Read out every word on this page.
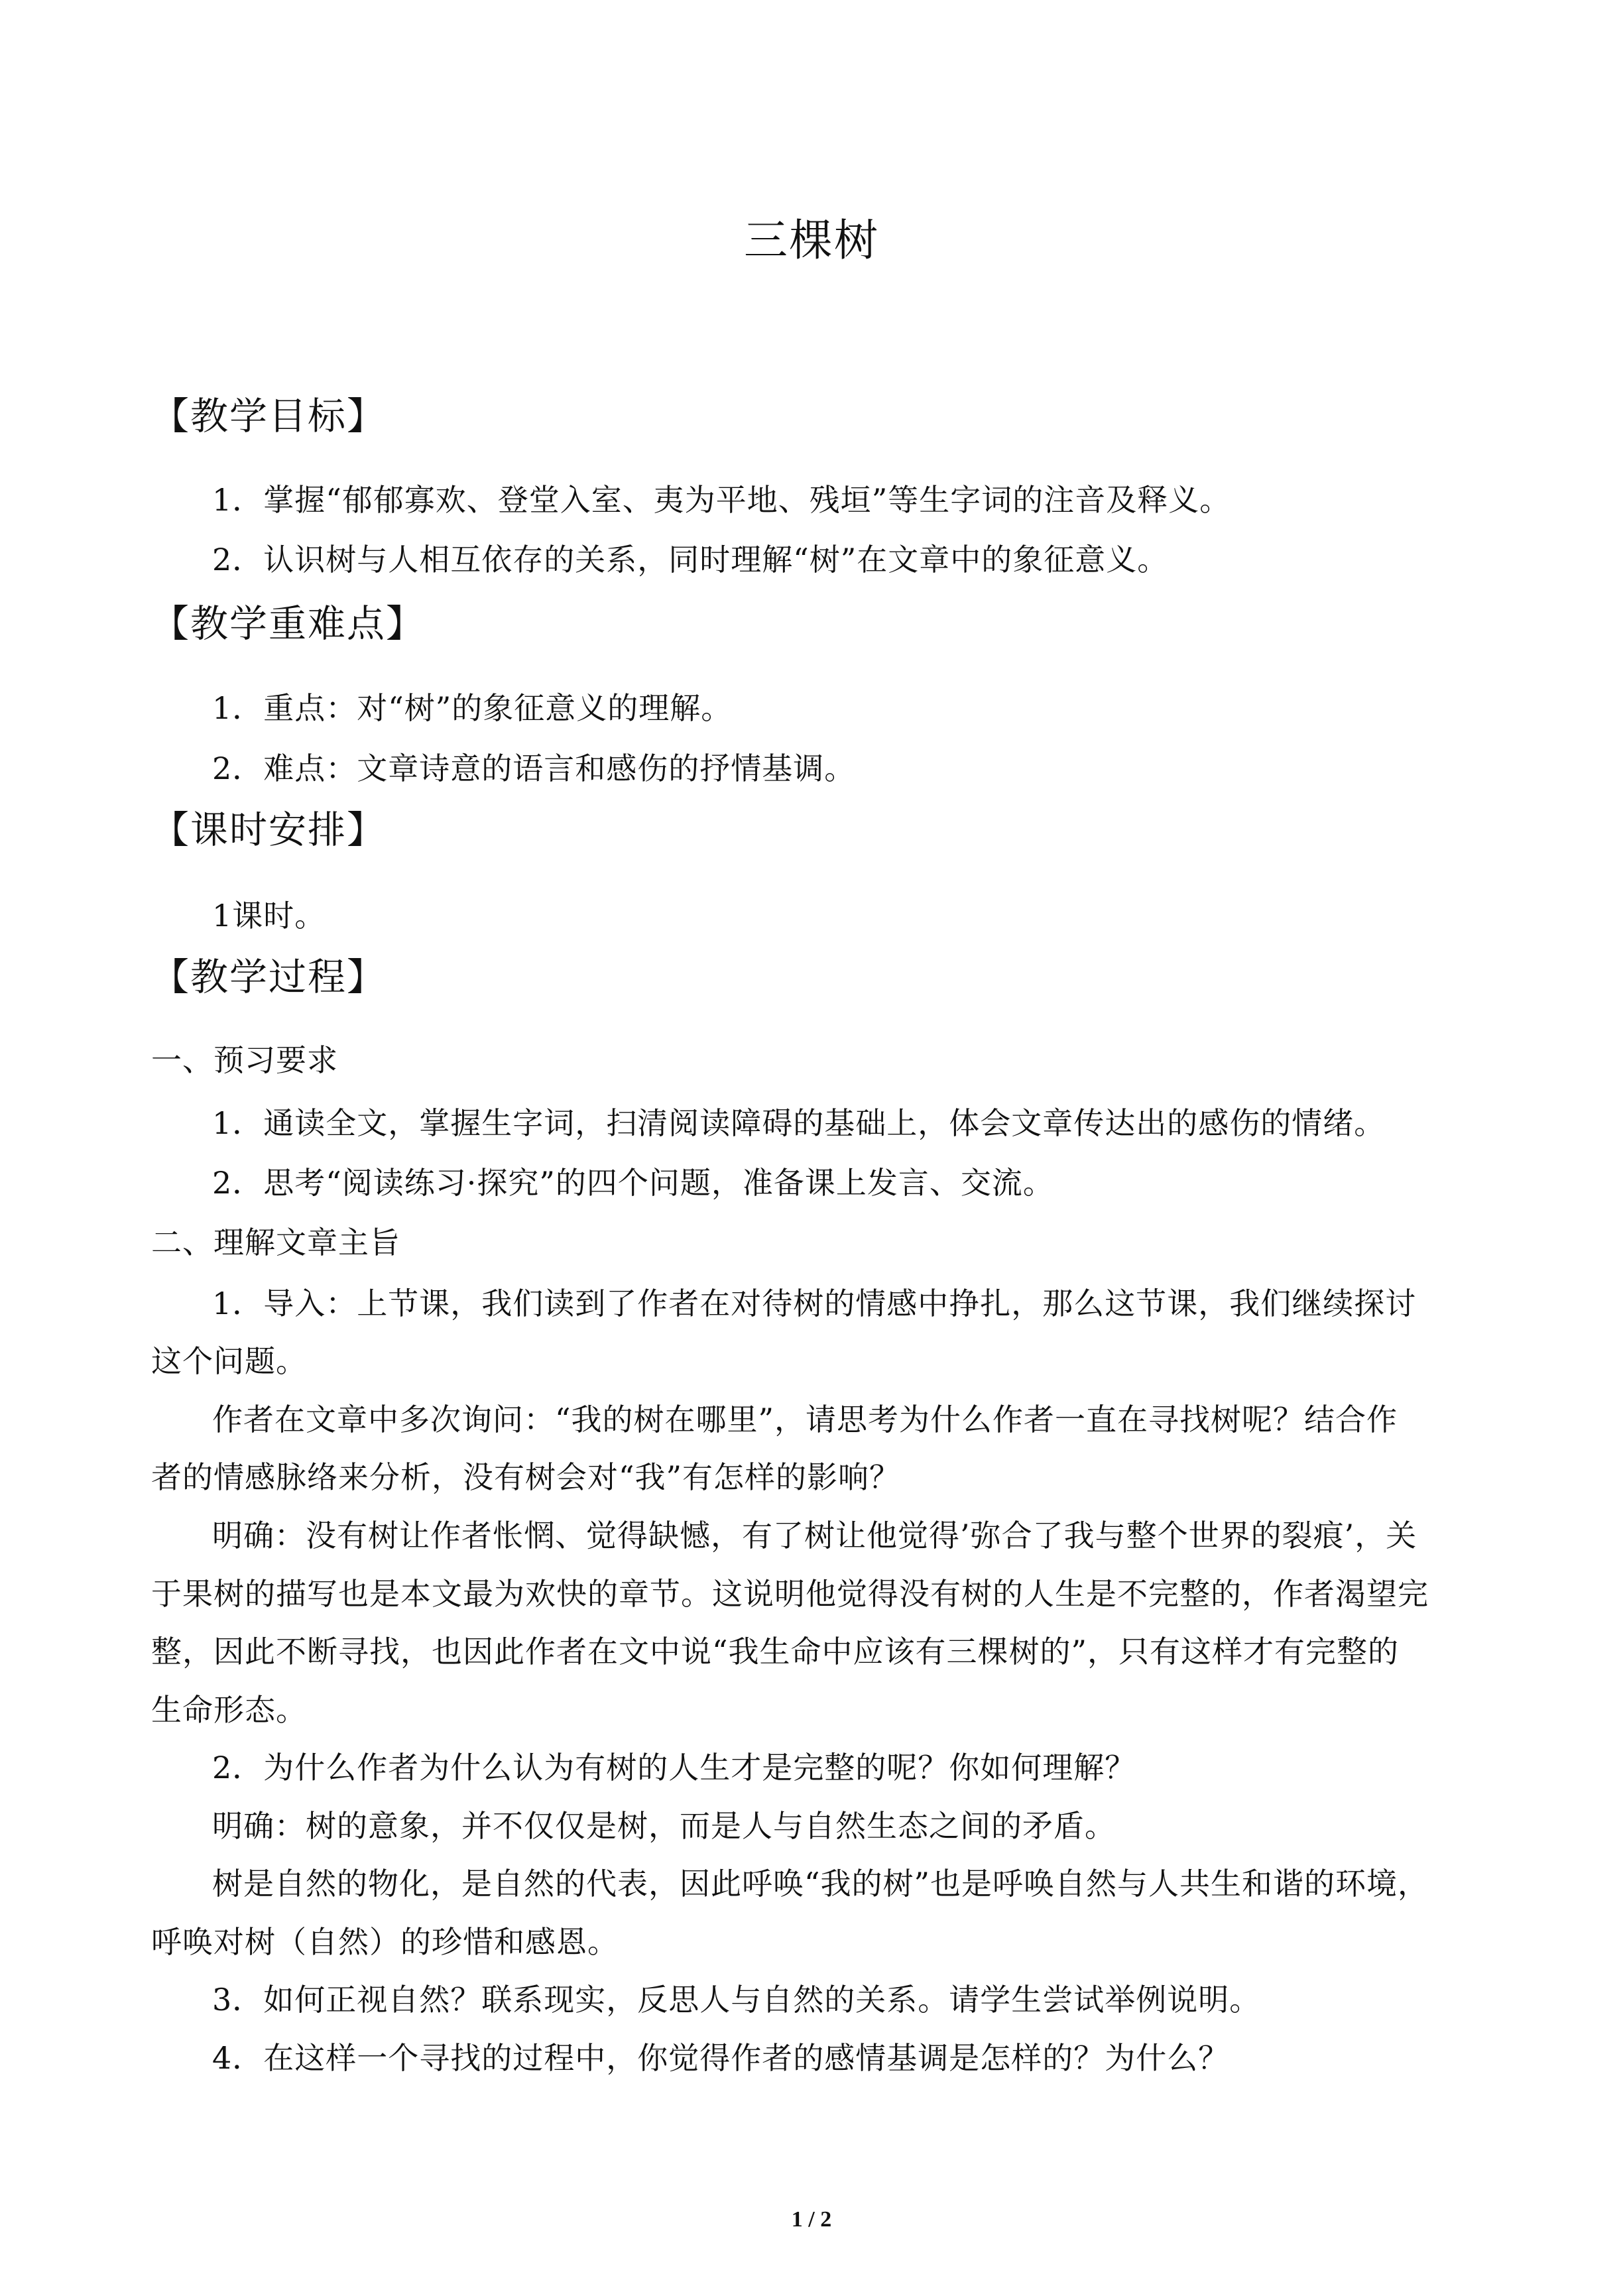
三棵树
【教学目标】
1．掌握“郁郁寡欢、登堂入室、夷为平地、残垣”等生字词的注音及释义。
2．认识树与人相互依存的关系，同时理解“树”在文章中的象征意义。
【教学重难点】
1．重点：对“树”的象征意义的理解。
2．难点：文章诗意的语言和感伤的抒情基调。
【课时安排】
1课时。
【教学过程】
一、预习要求
1．通读全文，掌握生字词，扫清阅读障碍的基础上，体会文章传达出的感伤的情绪。
2．思考“阅读练习·探究”的四个问题，准备课上发言、交流。
二、理解文章主旨
1．导入：上节课，我们读到了作者在对待树的情感中挣扎，那么这节课，我们继续探讨
这个问题。
作者在文章中多次询问：“我的树在哪里”，请思考为什么作者一直在寻找树呢？结合作
者的情感脉络来分析，没有树会对“我”有怎样的影响？
明确：没有树让作者怅惘、觉得缺憾，有了树让他觉得’弥合了我与整个世界的裂痕’，关
于果树的描写也是本文最为欢快的章节。这说明他觉得没有树的人生是不完整的，作者渴望完
整，因此不断寻找，也因此作者在文中说“我生命中应该有三棵树的”，只有这样才有完整的
生命形态。
2．为什么作者为什么认为有树的人生才是完整的呢？你如何理解？
明确：树的意象，并不仅仅是树，而是人与自然生态之间的矛盾。
树是自然的物化，是自然的代表，因此呼唤“我的树”也是呼唤自然与人共生和谐的环境，
呼唤对树（自然）的珍惜和感恩。
3．如何正视自然？联系现实，反思人与自然的关系。请学生尝试举例说明。
4．在这样一个寻找的过程中，你觉得作者的感情基调是怎样的？为什么？
1 / 2
